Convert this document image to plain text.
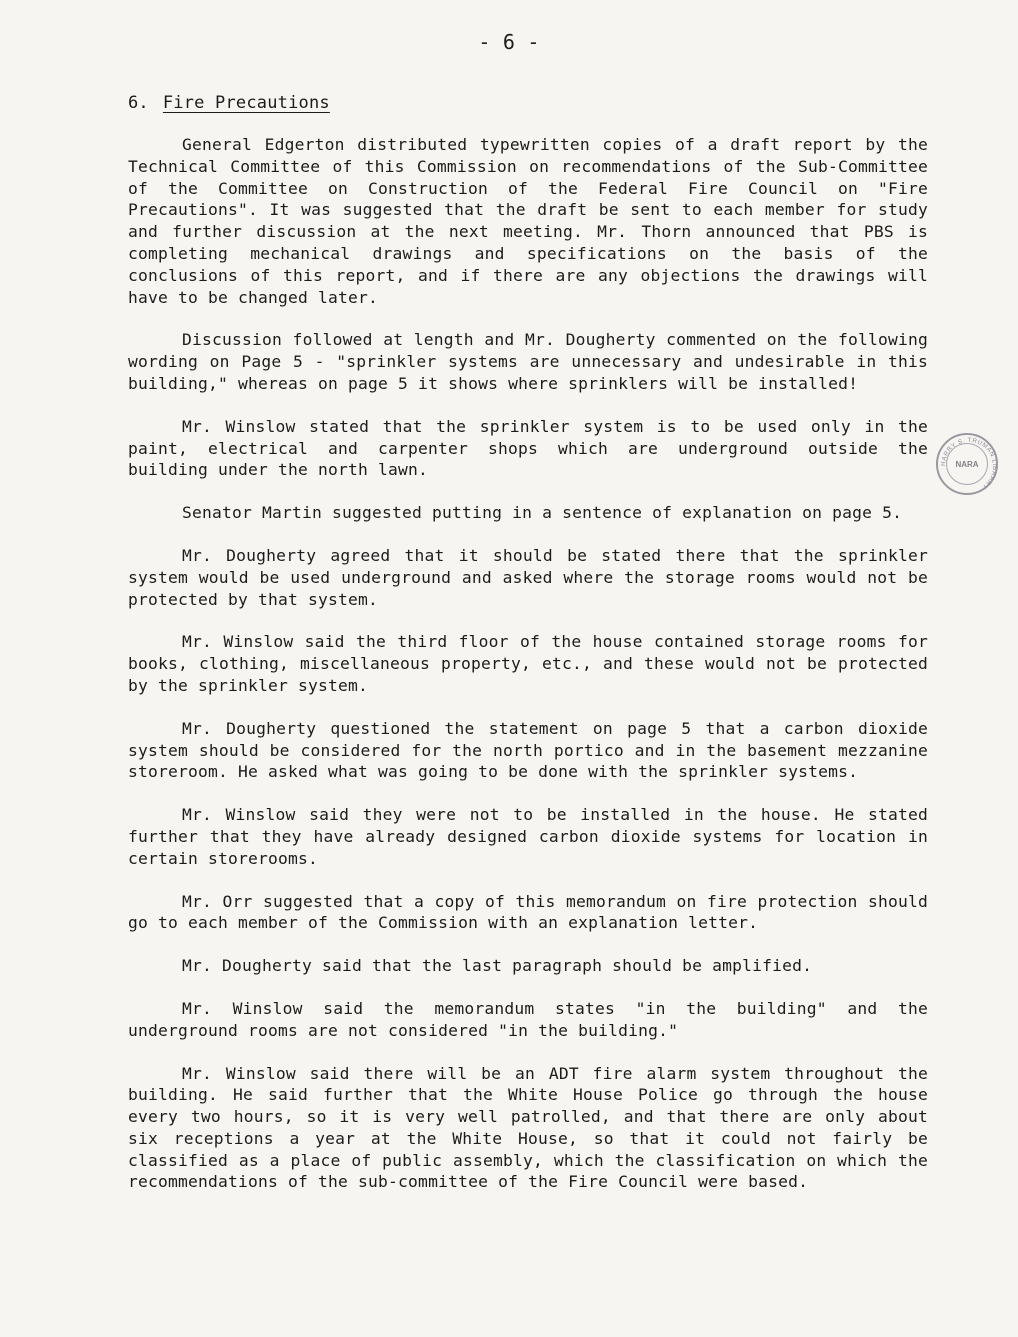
- 6 -
6. Fire Precautions

General Edgerton distributed typewritten copies of a draft report by the Technical Committee of this Commission on recommendations of the Sub-Committee of the Committee on Construction of the Federal Fire Council on "Fire Precautions". It was suggested that the draft be sent to each member for study and further discussion at the next meeting. Mr. Thorn announced that PBS is completing mechanical drawings and specifications on the basis of the conclusions of this report, and if there are any objections the drawings will have to be changed later.

Discussion followed at length and Mr. Dougherty commented on the following wording on Page 5 - "sprinkler systems are unnecessary and undesirable in this building," whereas on page 5 it shows where sprinklers will be installed!

Mr. Winslow stated that the sprinkler system is to be used only in the paint, electrical and carpenter shops which are underground outside the building under the north lawn.

Senator Martin suggested putting in a sentence of explanation on page 5.

Mr. Dougherty agreed that it should be stated there that the sprinkler system would be used underground and asked where the storage rooms would not be protected by that system.

Mr. Winslow said the third floor of the house contained storage rooms for books, clothing, miscellaneous property, etc., and these would not be protected by the sprinkler system.

Mr. Dougherty questioned the statement on page 5 that a carbon dioxide system should be considered for the north portico and in the basement mezzanine storeroom. He asked what was going to be done with the sprinkler systems.

Mr. Winslow said they were not to be installed in the house. He stated further that they have already designed carbon dioxide systems for location in certain storerooms.

Mr. Orr suggested that a copy of this memorandum on fire protection should go to each member of the Commission with an explanation letter.

Mr. Dougherty said that the last paragraph should be amplified.

Mr. Winslow said the memorandum states "in the building" and the underground rooms are not considered "in the building."

Mr. Winslow said there will be an ADT fire alarm system throughout the building. He said further that the White House Police go through the house every two hours, so it is very well patrolled, and that there are only about six receptions a year at the White House, so that it could not fairly be classified as a place of public assembly, which the classification on which the recommendations of the sub-committee of the Fire Council were based.

HARRY S. TRUMAN LIBRARY
NARA
